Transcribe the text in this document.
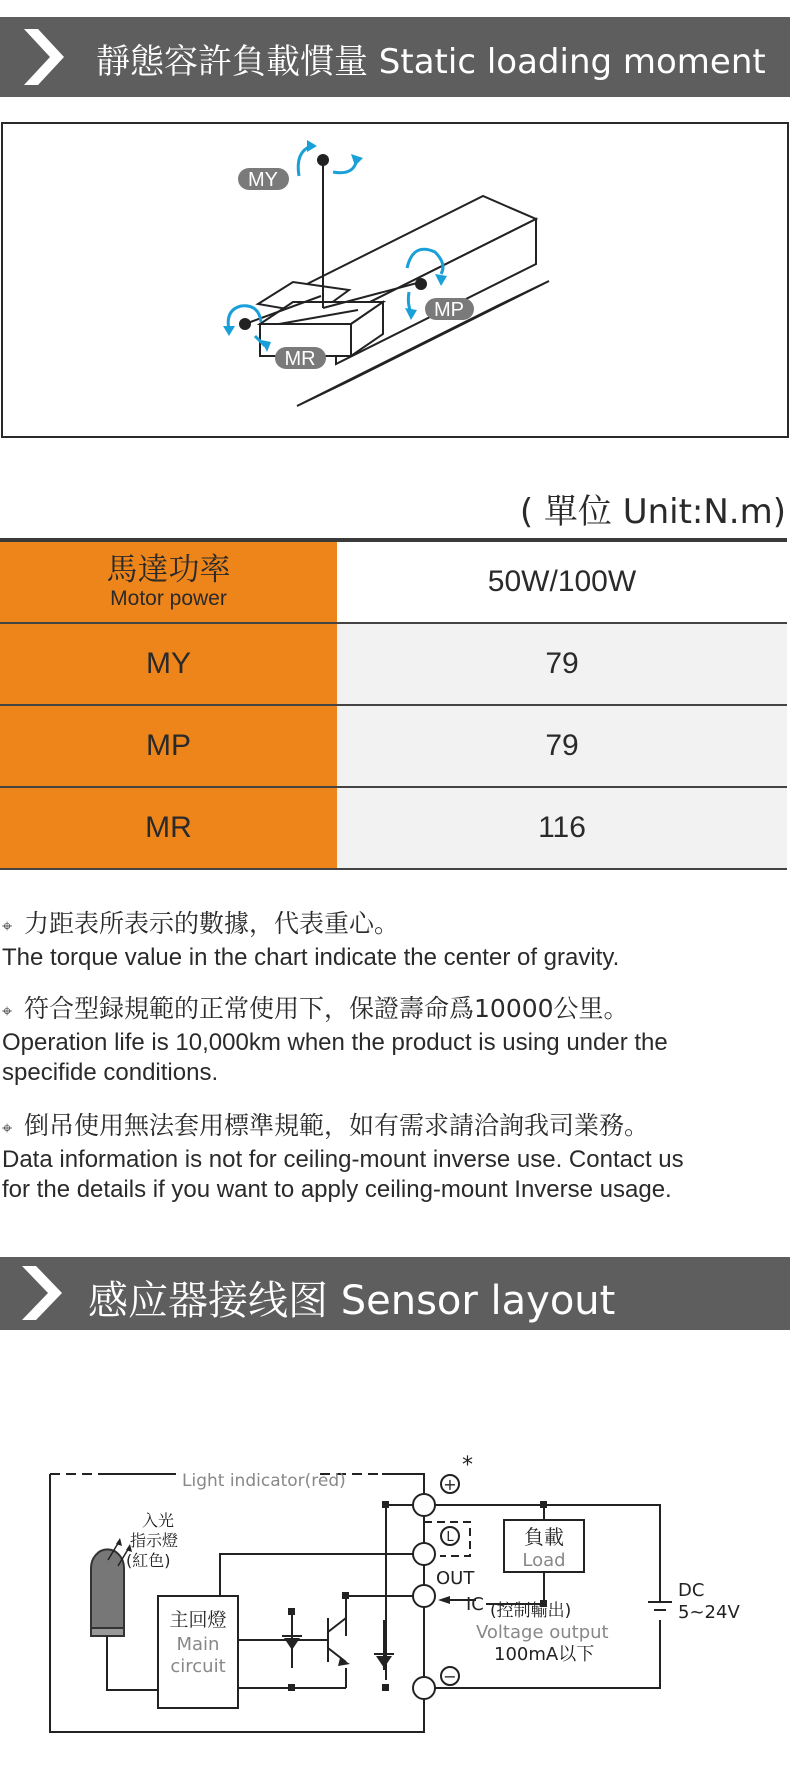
靜態容許負載慣量 Static loading moment
MY
MP
MR
( 單位 Unit:N.m)
馬達功率
Motor power	50W/100W
MY	79
MP	79
MR	116
⌖ 力距表所表示的數據，代表重心。
The torque value in the chart indicate the center of gravity.
⌖ 符合型録規範的正常使用下，保證壽命爲10000公里。
Operation life is 10,000km when the product is using under the
specifide conditions.
⌖ 倒吊使用無法套用標準規範，如有需求請洽詢我司業務。
Data information is not for ceiling-mount inverse use. Contact us
for the details if you want to apply ceiling-mount Inverse usage.
感应器接线图 Sensor layout
+
L
−
*
入光
指示燈
(紅色)
Light indicator(red)
主回燈
Main
circuit
負載
Load
OUT
IC (控制輸出)
Voltage output
100mA以下
DC
5~24V
